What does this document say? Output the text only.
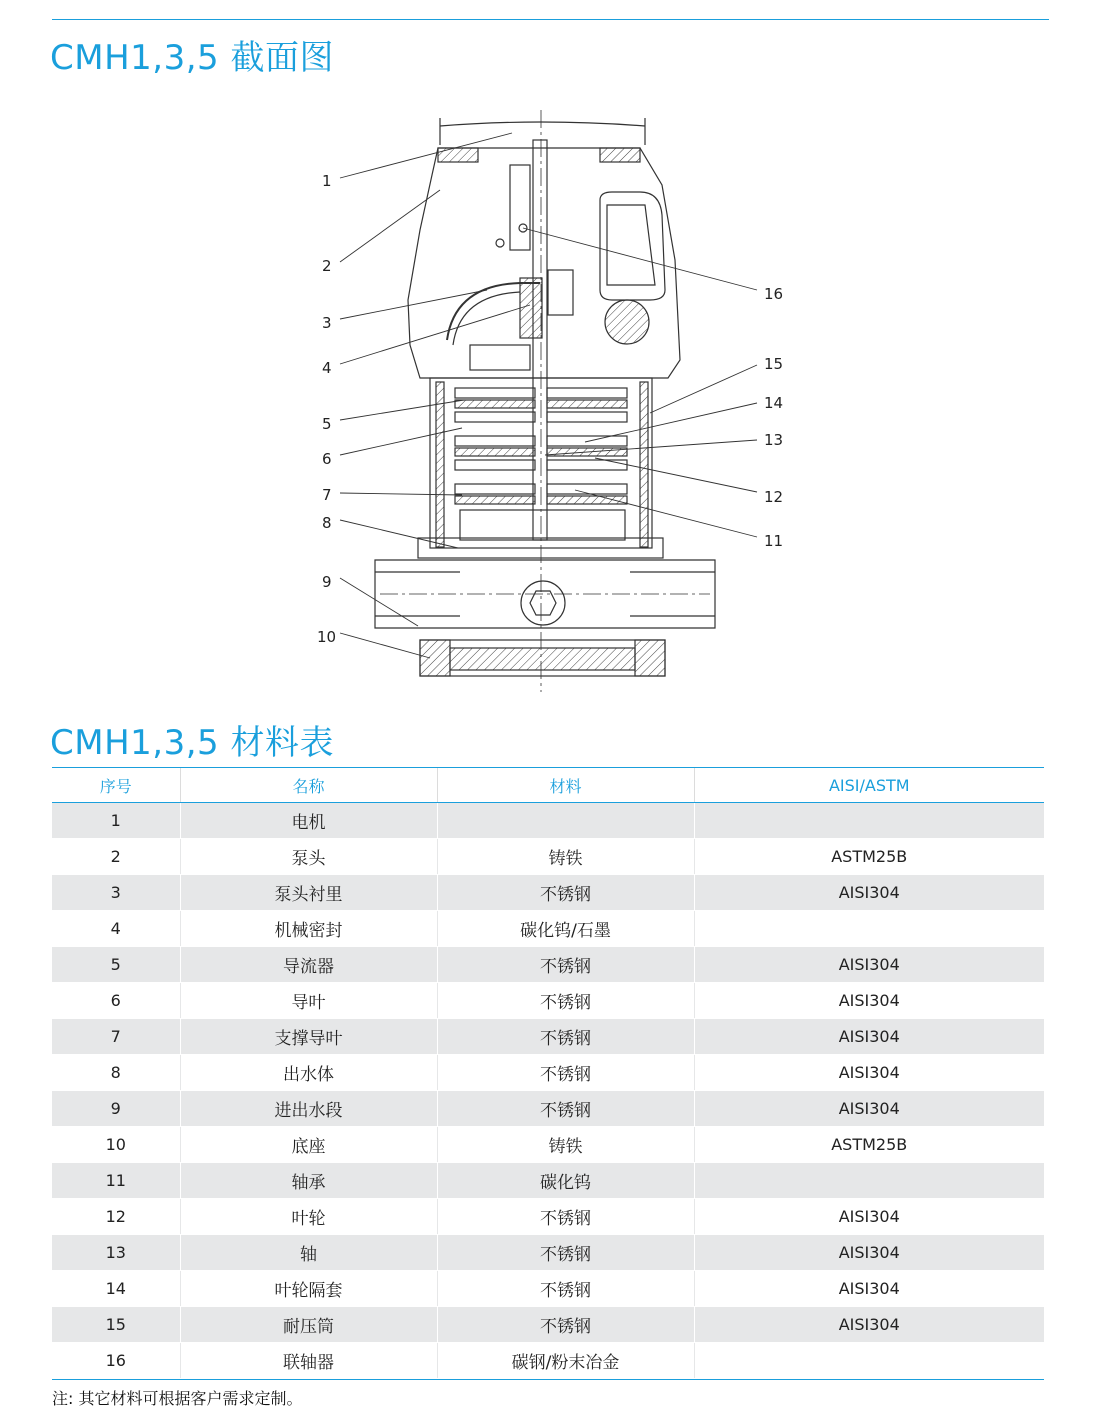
CMH1,3,5 截面图
1
2
3
4
5
6
7
8
9
10
11
12
13
14
15
16
CMH1,3,5 材料表
序号	名称	材料	AISI/ASTM
1	电机		
2	泵头	铸铁	ASTM25B
3	泵头衬里	不锈钢	AISI304
4	机械密封	碳化钨/石墨	
5	导流器	不锈钢	AISI304
6	导叶	不锈钢	AISI304
7	支撑导叶	不锈钢	AISI304
8	出水体	不锈钢	AISI304
9	进出水段	不锈钢	AISI304
10	底座	铸铁	ASTM25B
11	轴承	碳化钨	
12	叶轮	不锈钢	AISI304
13	轴	不锈钢	AISI304
14	叶轮隔套	不锈钢	AISI304
15	耐压筒	不锈钢	AISI304
16	联轴器	碳钢/粉末冶金	
注: 其它材料可根据客户需求定制。
